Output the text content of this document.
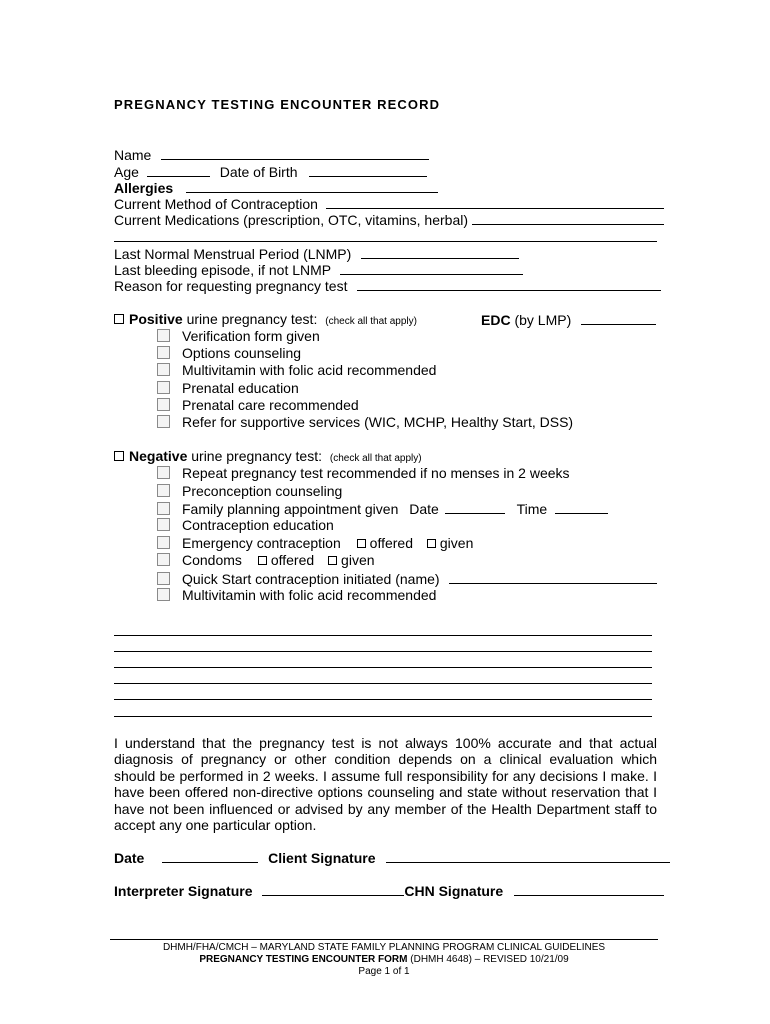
PREGNANCY TESTING ENCOUNTER RECORD
Name
Age	Date of Birth
Allergies
Current Method of Contraception
Current Medications (prescription, OTC, vitamins, herbal)
Last Normal Menstrual Period (LNMP)
Last bleeding episode, if not LNMP
Reason for requesting pregnancy test
Positive urine pregnancy test: (check all that apply)	EDC (by LMP)
Verification form given
Options counseling
Multivitamin with folic acid recommended
Prenatal education
Prenatal care recommended
Refer for supportive services (WIC, MCHP, Healthy Start, DSS)
Negative urine pregnancy test: (check all that apply)
Repeat pregnancy test recommended if no menses in 2 weeks
Preconception counseling
Family planning appointment given Date	Time
Contraception education
Emergency contraception offered given
Condoms offered given
Quick Start contraception initiated (name)
Multivitamin with folic acid recommended
I understand that the pregnancy test is not always 100% accurate and that actual diagnosis of pregnancy or other condition depends on a clinical evaluation which should be performed in 2 weeks. I assume full responsibility for any decisions I make. I have been offered non-directive options counseling and state without reservation that I have not been influenced or advised by any member of the Health Department staff to accept any one particular option.
Date	Client Signature
Interpreter Signature	CHN Signature
DHMH/FHA/CMCH – MARYLAND STATE FAMILY PLANNING PROGRAM CLINICAL GUIDELINES
PREGNANCY TESTING ENCOUNTER FORM (DHMH 4648) – REVISED 10/21/09
Page 1 of 1
